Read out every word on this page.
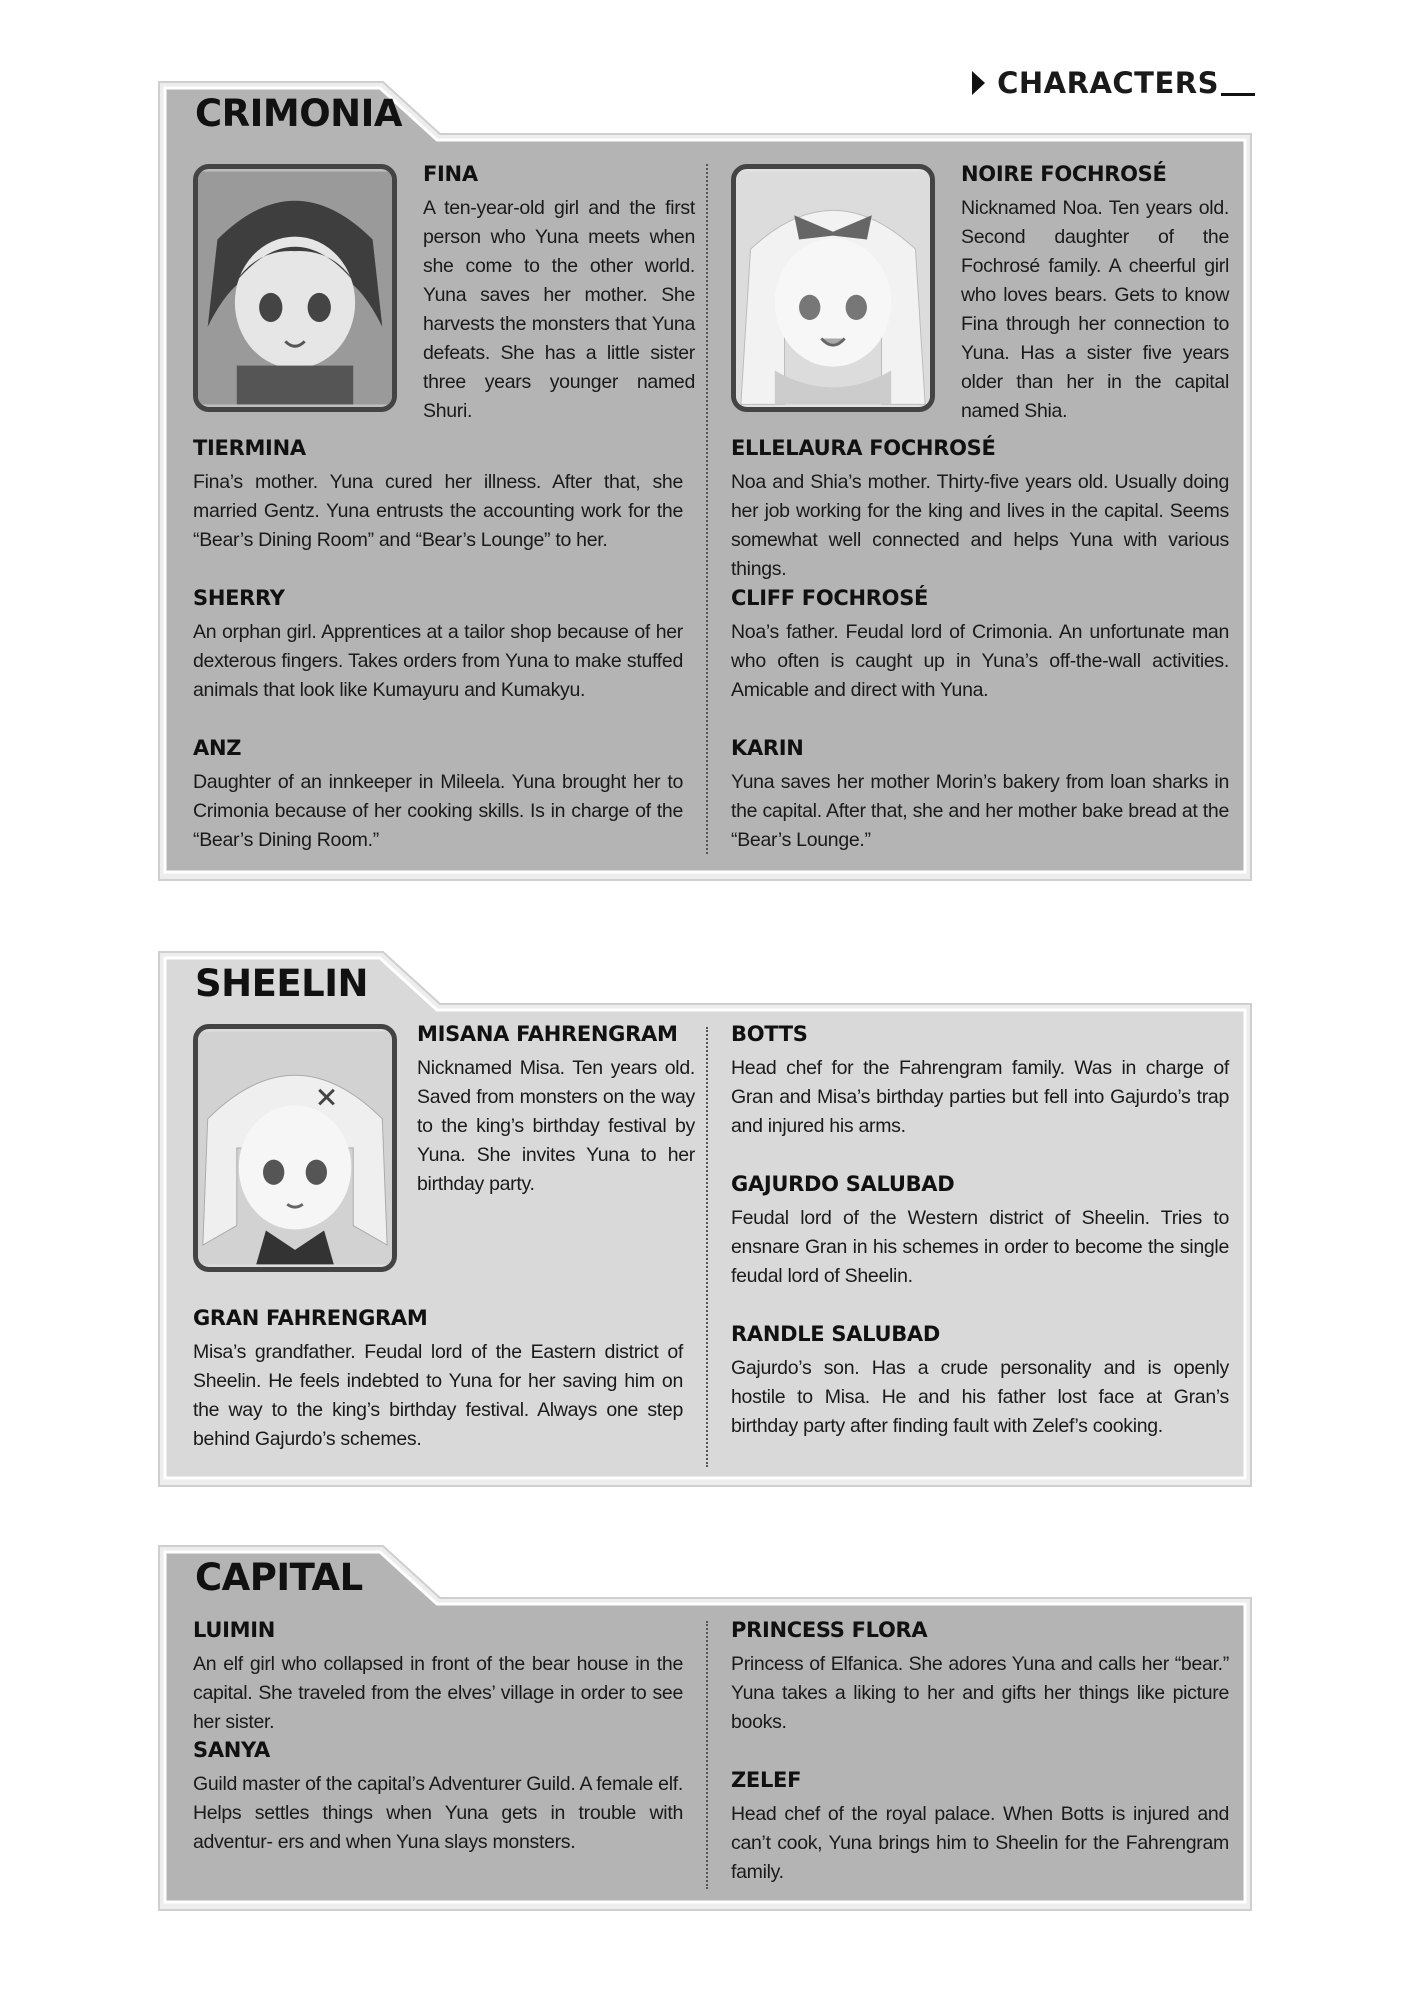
CHARACTERS
CRIMONIA
FINA
A ten-year-old girl and the first person who Yuna meets when she come to the other world. Yuna saves her mother. She harvests the monsters that Yuna defeats. She has a little sister three years younger named Shuri.
NOIRE FOCHROSÉ
Nicknamed Noa. Ten years old. Second daughter of the Fochrosé family. A cheerful girl who loves bears. Gets to know Fina through her connection to Yuna. Has a sister five years older than her in the capital named Shia.
TIERMINA
Fina’s mother. Yuna cured her illness. After that, she married Gentz. Yuna entrusts the accounting work for the “Bear’s Dining Room” and “Bear’s Lounge” to her.
ELLELAURA FOCHROSÉ
Noa and Shia’s mother. Thirty-five years old. Usually doing her job working for the king and lives in the capital. Seems somewhat well connected and helps Yuna with various things.
SHERRY
An orphan girl. Apprentices at a tailor shop because of her dexterous fingers. Takes orders from Yuna to make stuffed animals that look like Kumayuru and Kumakyu.
CLIFF FOCHROSÉ
Noa’s father. Feudal lord of Crimonia. An unfortunate man who often is caught up in Yuna’s off-the-wall activities. Amicable and direct with Yuna.
ANZ
Daughter of an innkeeper in Mileela. Yuna brought her to Crimonia because of her cooking skills. Is in charge of the “Bear’s Dining Room.”
KARIN
Yuna saves her mother Morin’s bakery from loan sharks in the capital. After that, she and her mother bake bread at the “Bear’s Lounge.”
SHEELIN
MISANA FAHRENGRAM
Nicknamed Misa. Ten years old. Saved from monsters on the way to the king’s birthday festival by Yuna. She invites Yuna to her birthday party.
BOTTS
Head chef for the Fahrengram family. Was in charge of Gran and Misa’s birthday parties but fell into Gajurdo’s trap and injured his arms.
GAJURDO SALUBAD
Feudal lord of the Western district of Sheelin. Tries to ensnare Gran in his schemes in order to become the single feudal lord of Sheelin.
GRAN FAHRENGRAM
Misa’s grandfather. Feudal lord of the Eastern district of Sheelin. He feels indebted to Yuna for her saving him on the way to the king’s birthday festival. Always one step behind Gajurdo’s schemes.
RANDLE SALUBAD
Gajurdo’s son. Has a crude personality and is openly hostile to Misa. He and his father lost face at Gran’s birthday party after finding fault with Zelef’s cooking.
CAPITAL
LUIMIN
An elf girl who collapsed in front of the bear house in the capital. She traveled from the elves’ village in order to see her sister.
PRINCESS FLORA
Princess of Elfanica. She adores Yuna and calls her “bear.” Yuna takes a liking to her and gifts her things like picture books.
SANYA
Guild master of the capital’s Adventurer Guild. A female elf. Helps settles things when Yuna gets in trouble with adventur- ers and when Yuna slays monsters.
ZELEF
Head chef of the royal palace. When Botts is injured and can’t cook, Yuna brings him to Sheelin for the Fahrengram family.
